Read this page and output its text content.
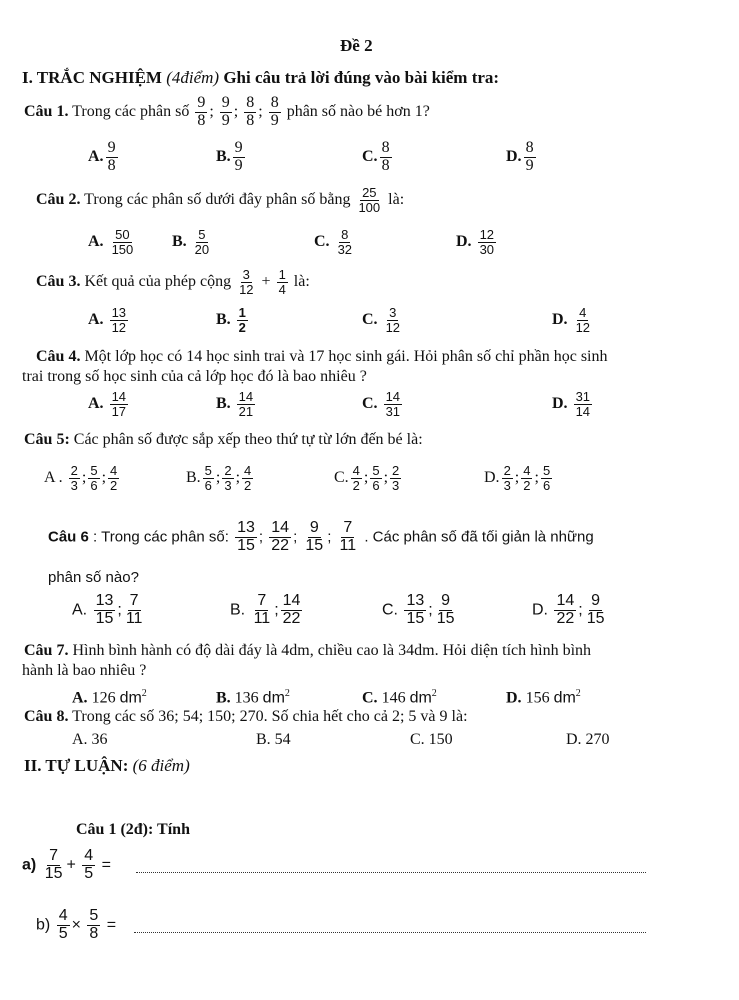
Đề 2
I. TRẮC NGHIỆM (4điểm) Ghi câu trả lời đúng vào bài kiểm tra:
Câu 1. Trong các phân số $\frac{9}{8}$ ; $\frac{9}{9}$ ; $\frac{8}{8}$ ; $\frac{8}{9}$ phân số nào bé hơn 1?
A. $\frac{9}{8}$	B. $\frac{9}{9}$	C. $\frac{8}{8}$	D. $\frac{8}{9}$
Câu 2. Trong các phân số dưới đây phân số bằng $\frac{25}{100}$ là:
A. $\frac{50}{150} B$. $\frac{5}{20}$	C. $\frac{8}{32}$	D. $\frac{12}{30}$
Câu 3. Kết quả của phép cộng $\frac{3}{12} + \frac{1}{4}$ là:
A. $\frac{13}{12}$	B. $\frac{1}{2}$	C. $\frac{3}{12}$	D. $\frac{4}{12}$
Câu 4. Một lớp học có 14 học sinh trai và 17 học sinh gái. Hỏi phân số chỉ phần học sinh
trai trong số học sinh của cả lớp học đó là bao nhiêu ?
A. $\frac{14}{17}$	B. $\frac{14}{21}$	C. $\frac{14}{31}$	D. $\frac{31}{14}$
Câu 5: Các phân số được sắp xếp theo thứ tự từ lớn đến bé là:
A . $\frac{2}{3}$ ; $\frac{5}{6}$ ; $\frac{4}{2}$	B. $\frac{5}{6}$ ; $\frac{2}{3}$ ; $\frac{4}{2}$	C. $\frac{4}{2}$ ; $\frac{5}{6}$ ; $\frac{2}{3}$	D. $\frac{2}{3}$ ; $\frac{4}{2}$ ; $\frac{5}{6}$
Câu 6 : Trong các phân số: $\frac{13}{15}$ ; $\frac{14}{22}$ ; $\frac{9}{15}$ ; $\frac{7}{11}$ . Các phân số đã tối giản là những
phân số nào?
A. $\frac{13}{15}$ ; $\frac{7}{11}$	B. $\frac{7}{11}$ ; $\frac{14}{22}$	C. $\frac{13}{15}$ ; $\frac{9}{15}$	D. $\frac{14}{22}$ ; $\frac{9}{15}$
Câu 7. Hình bình hành có độ dài đáy là 4dm, chiều cao là 34dm. Hỏi diện tích hình bình
hành là bao nhiêu ?
A. 126 $dm^2$	B. 136 $dm^2$	C. 146 $dm^2$	D. 156 $dm^2$
Câu 8. Trong các số 36; 54; 150; 270. Số chia hết cho cả 2; 5 và 9 là:
A. 36	B. 54	C. 150	D. 270
II. TỰ LUẬN: (6 điểm)
Câu 1 (2đ): Tính
$a) \frac{7}{15} + \frac{4}{5}$ =
$b) \frac{4}{5} \times \frac{5}{8}$ =
